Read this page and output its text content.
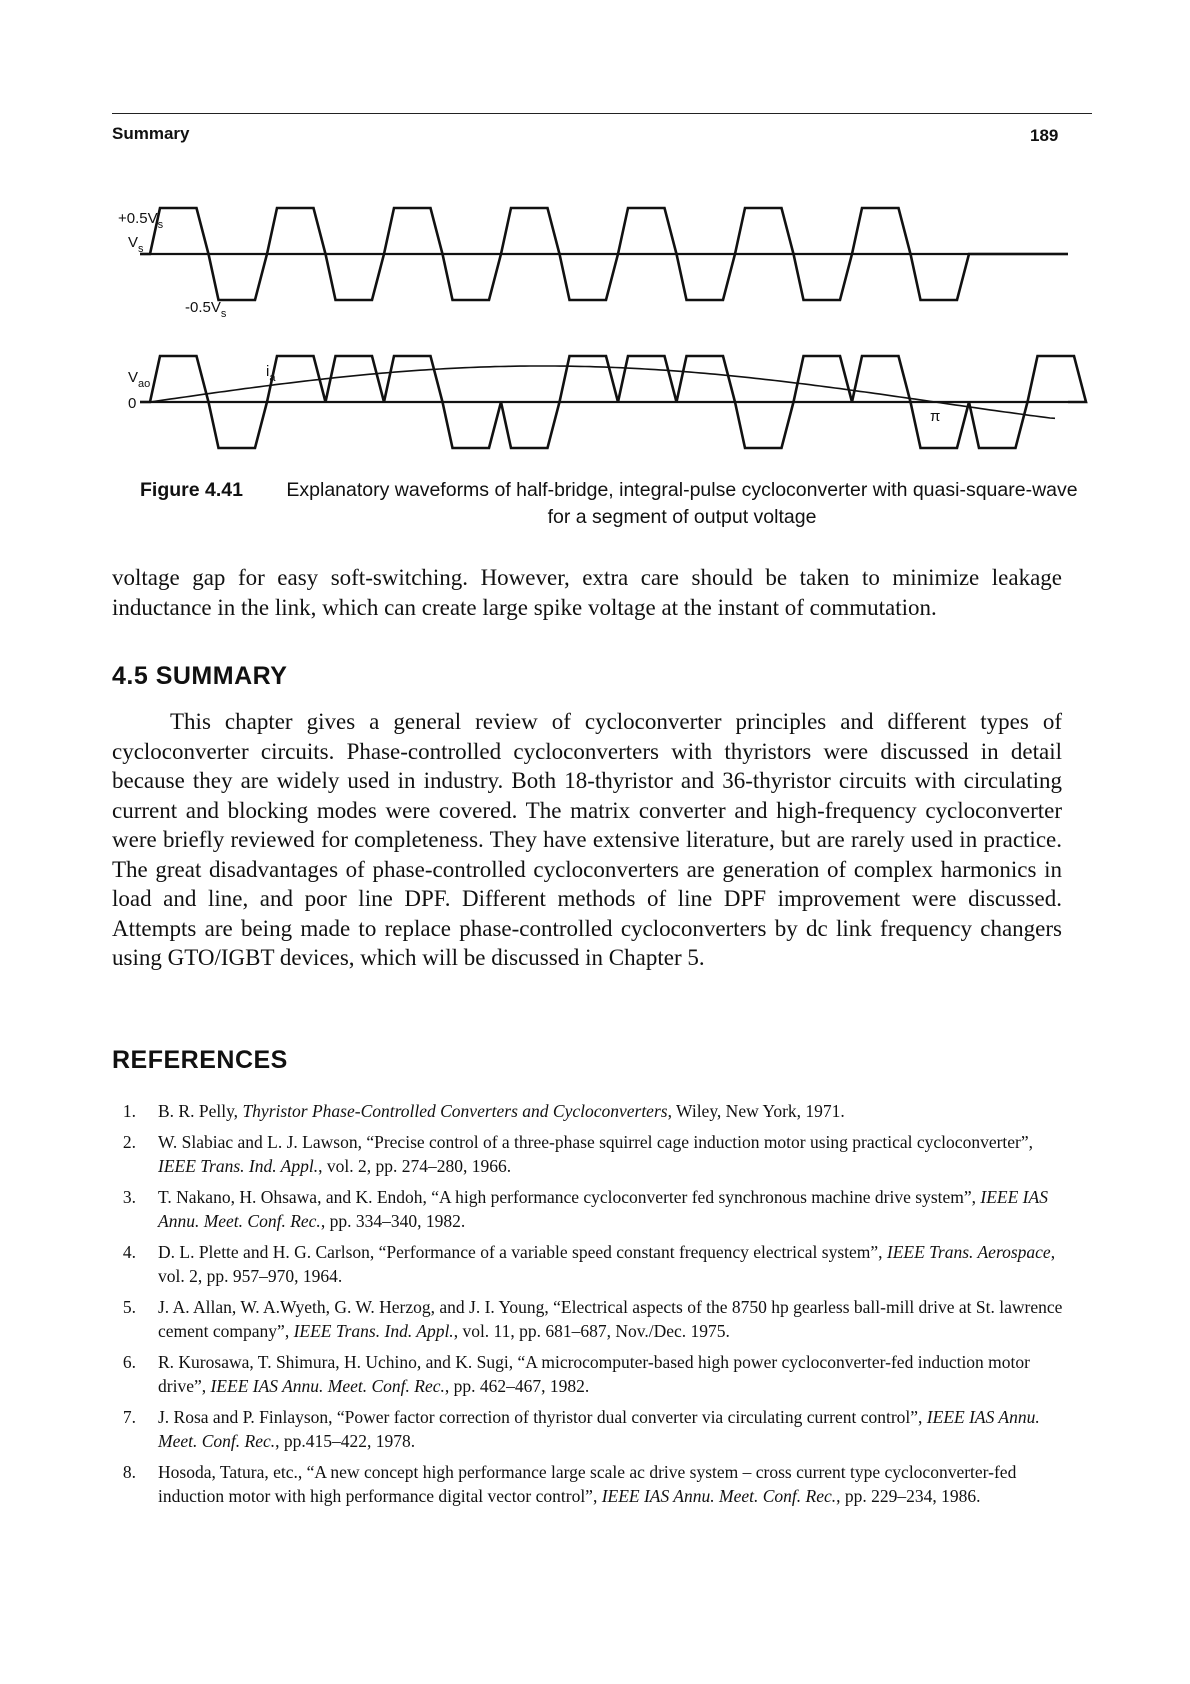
Summary	189
$+0.5V_s$
$V_s$
$-0.5V_s$
$V_{ao}$
0
$i_a$
π
Figure 4.41 Explanatory waveforms of half-bridge, integral-pulse cycloconverter with quasi-square-wave for a segment of output voltage
voltage gap for easy soft-switching. However, extra care should be taken to minimize leakage inductance in the link, which can create large spike voltage at the instant of commutation.
4.5 SUMMARY
This chapter gives a general review of cycloconverter principles and different types of cycloconverter circuits. Phase-controlled cycloconverters with thyristors were discussed in detail because they are widely used in industry. Both 18-thyristor and 36-thyristor circuits with circulating current and blocking modes were covered. The matrix converter and high-frequency cycloconverter were briefly reviewed for completeness. They have extensive literature, but are rarely used in practice. The great disadvantages of phase-controlled cycloconverters are generation of complex harmonics in load and line, and poor line DPF. Different methods of line DPF improvement were discussed. Attempts are being made to replace phase-controlled cycloconverters by dc link frequency changers using GTO/IGBT devices, which will be discussed in Chapter 5.
REFERENCES
1. B. R. Pelly, Thyristor Phase-Controlled Converters and Cycloconverters, Wiley, New York, 1971.
2. W. Slabiac and L. J. Lawson, “Precise control of a three-phase squirrel cage induction motor using practical cycloconverter”, IEEE Trans. Ind. Appl., vol. 2, pp. 274–280, 1966.
3. T. Nakano, H. Ohsawa, and K. Endoh, “A high performance cycloconverter fed synchronous machine drive system”, IEEE IAS Annu. Meet. Conf. Rec., pp. 334–340, 1982.
4. D. L. Plette and H. G. Carlson, “Performance of a variable speed constant frequency electrical system”, IEEE Trans. Aerospace, vol. 2, pp. 957–970, 1964.
5. J. A. Allan, W. A.Wyeth, G. W. Herzog, and J. I. Young, “Electrical aspects of the 8750 hp gearless ball-mill drive at St. lawrence cement company”, IEEE Trans. Ind. Appl., vol. 11, pp. 681–687, Nov./Dec. 1975.
6. R. Kurosawa, T. Shimura, H. Uchino, and K. Sugi, “A microcomputer-based high power cycloconverter-fed induction motor drive”, IEEE IAS Annu. Meet. Conf. Rec., pp. 462–467, 1982.
7. J. Rosa and P. Finlayson, “Power factor correction of thyristor dual converter via circulating current control”, IEEE IAS Annu. Meet. Conf. Rec., pp.415–422, 1978.
8. Hosoda, Tatura, etc., “A new concept high performance large scale ac drive system – cross current type cycloconverter-fed induction motor with high performance digital vector control”, IEEE IAS Annu. Meet. Conf. Rec., pp. 229–234, 1986.
